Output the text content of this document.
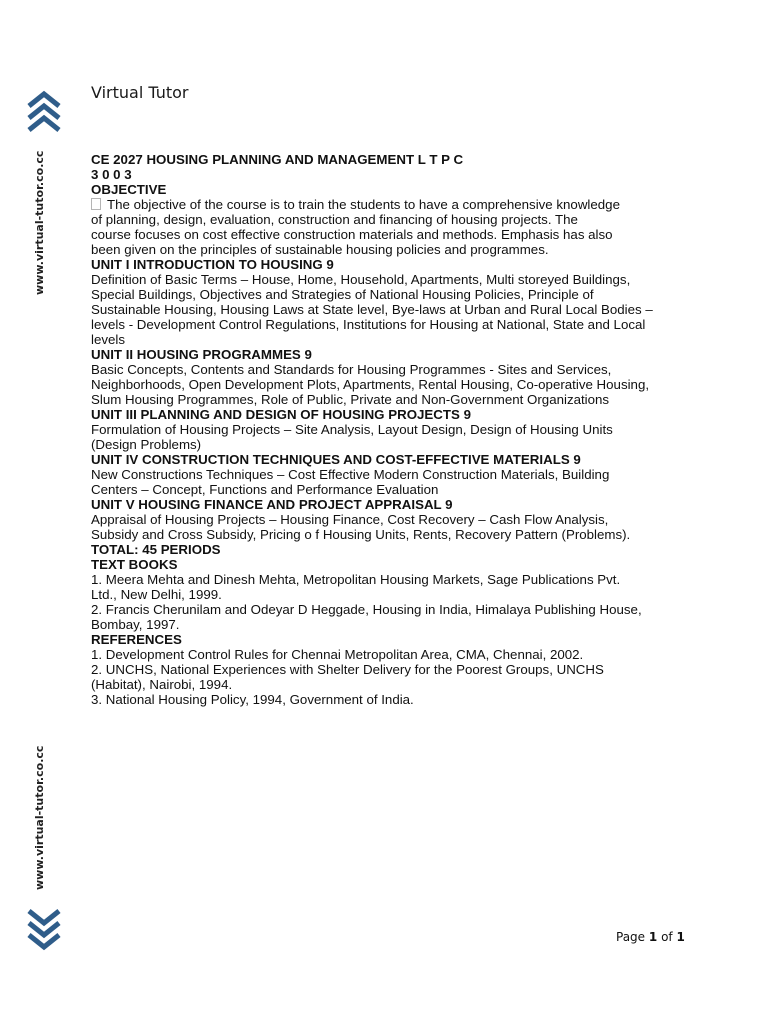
www.virtual-tutor.co.cc
Virtual Tutor
CE 2027 HOUSING PLANNING AND MANAGEMENT L T P C
3 0 0 3
OBJECTIVE
The objective of the course is to train the students to have a comprehensive knowledge
of planning, design, evaluation, construction and financing of housing projects. The
course focuses on cost effective construction materials and methods. Emphasis has also
been given on the principles of sustainable housing policies and programmes.
UNIT I INTRODUCTION TO HOUSING 9
Definition of Basic Terms – House, Home, Household, Apartments, Multi storeyed Buildings,
Special Buildings, Objectives and Strategies of National Housing Policies, Principle of
Sustainable Housing, Housing Laws at State level, Bye-laws at Urban and Rural Local Bodies –
levels - Development Control Regulations, Institutions for Housing at National, State and Local
levels
UNIT II HOUSING PROGRAMMES 9
Basic Concepts, Contents and Standards for Housing Programmes - Sites and Services,
Neighborhoods, Open Development Plots, Apartments, Rental Housing, Co-operative Housing,
Slum Housing Programmes, Role of Public, Private and Non-Government Organizations
UNIT III PLANNING AND DESIGN OF HOUSING PROJECTS 9
Formulation of Housing Projects – Site Analysis, Layout Design, Design of Housing Units
(Design Problems)
UNIT IV CONSTRUCTION TECHNIQUES AND COST-EFFECTIVE MATERIALS 9
New Constructions Techniques – Cost Effective Modern Construction Materials, Building
Centers – Concept, Functions and Performance Evaluation
UNIT V HOUSING FINANCE AND PROJECT APPRAISAL 9
Appraisal of Housing Projects – Housing Finance, Cost Recovery – Cash Flow Analysis,
Subsidy and Cross Subsidy, Pricing o f Housing Units, Rents, Recovery Pattern (Problems).
TOTAL: 45 PERIODS
TEXT BOOKS
1. Meera Mehta and Dinesh Mehta, Metropolitan Housing Markets, Sage Publications Pvt.
Ltd., New Delhi, 1999.
2. Francis Cherunilam and Odeyar D Heggade, Housing in India, Himalaya Publishing House,
Bombay, 1997.
REFERENCES
1. Development Control Rules for Chennai Metropolitan Area, CMA, Chennai, 2002.
2. UNCHS, National Experiences with Shelter Delivery for the Poorest Groups, UNCHS
(Habitat), Nairobi, 1994.
3. National Housing Policy, 1994, Government of India.
www.virtual-tutor.co.cc
Page 1 of 1
